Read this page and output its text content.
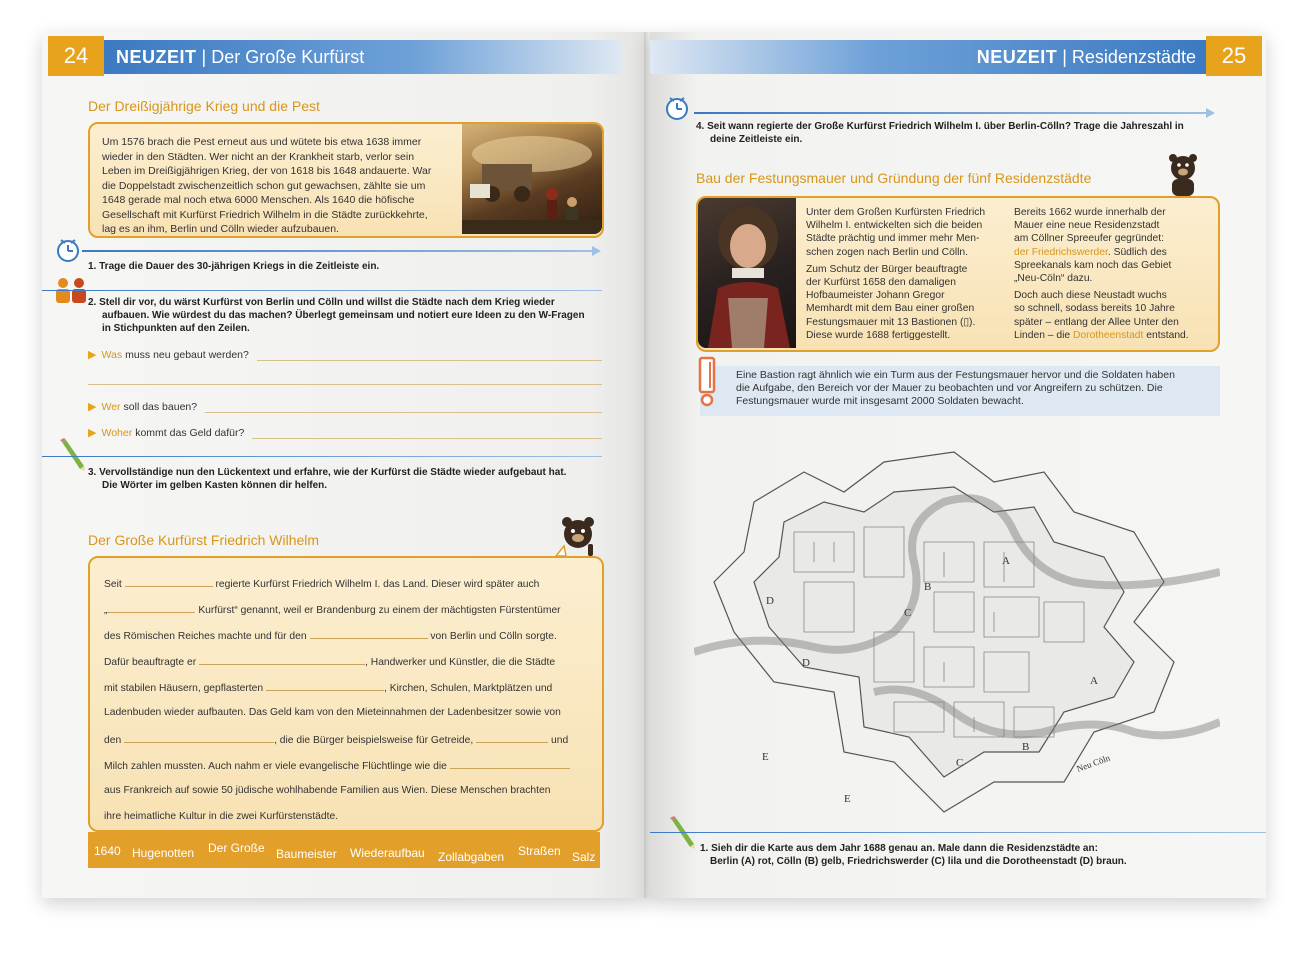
NEUZEIT | Der Große Kurfürst
24
Der Dreißigjährige Krieg und die Pest
Um 1576 brach die Pest erneut aus und wütete bis etwa 1638 immer
wieder in den Städten. Wer nicht an der Krankheit starb, verlor sein
Leben im Dreißigjährigen Krieg, der von 1618 bis 1648 andauerte. War
die Doppelstadt zwischenzeitlich schon gut gewachsen, zählte sie um
1648 gerade mal noch etwa 6000 Menschen. Als 1640 die höfische
Gesellschaft mit Kurfürst Friedrich Wilhelm in die Städte zurückkehrte,
lag es an ihm, Berlin und Cölln wieder aufzubauen.
1. Trage die Dauer des 30-jährigen Kriegs in die Zeitleiste ein.
2. Stell dir vor, du wärst Kurfürst von Berlin und Cölln und willst die Städte nach dem Krieg wieder
aufbauen. Wie würdest du das machen? Überlegt gemeinsam und notiert eure Ideen zu den W-Fragen
in Stichpunkten auf den Zeilen.
▶ Was muss neu gebaut werden?
▶ Wer soll das bauen?
▶ Woher kommt das Geld dafür?
3. Vervollständige nun den Lückentext und erfahre, wie der Kurfürst die Städte wieder aufgebaut hat.
Die Wörter im gelben Kasten können dir helfen.
Der Große Kurfürst Friedrich Wilhelm

Seit	regierte Kurfürst Friedrich Wilhelm I. das Land. Dieser wird später auch

„	Kurfürst“ genannt, weil er Brandenburg zu einem der mächtigsten Fürstentümer

des Römischen Reiches machte und für den	von Berlin und Cölln sorgte.

Dafür beauftragte er	, Handwerker und Künstler, die die Städte

mit stabilen Häusern, gepflasterten	, Kirchen, Schulen, Marktplätzen und

Ladenbuden wieder aufbauten. Das Geld kam von den Mieteinnahmen der Ladenbesitzer sowie von

den	, die die Bürger beispielsweise für Getreide,	und

Milch zahlen mussten. Auch nahm er viele evangelische Flüchtlinge wie die

aus Frankreich auf sowie 50 jüdische wohlhabende Familien aus Wien. Diese Menschen brachten

ihre heimatliche Kultur in die zwei Kurfürstenstädte.

1640 Hugenotten Der Große Baumeister Wiederaufbau Zollabgaben Straßen Salz
NEUZEIT | Residenzstädte	25
4. Seit wann regierte der Große Kurfürst Friedrich Wilhelm I. über Berlin-Cölln? Trage die Jahreszahl in
deine Zeitleiste ein.
Bau der Festungsmauer und Gründung der fünf Residenzstädte
Unter dem Großen Kurfürsten Friedrich
Wilhelm I. entwickelten sich die beiden
Städte prächtig und immer mehr Men-
schen zogen nach Berlin und Cölln.
Zum Schutz der Bürger beauftragte
der Kurfürst 1658 den damaligen
Hofbaumeister Johann Gregor
Memhardt mit dem Bau einer großen
Festungsmauer mit 13 Bastionen (▯).
Diese wurde 1688 fertiggestellt.
Bereits 1662 wurde innerhalb der
Mauer eine neue Residenzstadt
am Cöllner Spreeufer gegründet:
der Friedrichswerder. Südlich des
Spreekanals kam noch das Gebiet
„Neu-Cöln“ dazu.
Doch auch diese Neustadt wuchs
so schnell, sodass bereits 10 Jahre
später – entlang der Allee Unter den
Linden – die Dorotheenstadt entstand.
Eine Bastion ragt ähnlich wie ein Turm aus der Festungsmauer hervor und die Soldaten haben
die Aufgabe, den Bereich vor der Mauer zu beobachten und vor Angreifern zu schützen. Die
Festungsmauer wurde mit insgesamt 2000 Soldaten bewacht.
A
A
B
B
C
C
D
D
E
E
Neu Cöln
1. Sieh dir die Karte aus dem Jahr 1688 genau an. Male dann die Residenzstädte an:
Berlin (A) rot, Cölln (B) gelb, Friedrichswerder (C) lila und die Dorotheenstadt (D) braun.
